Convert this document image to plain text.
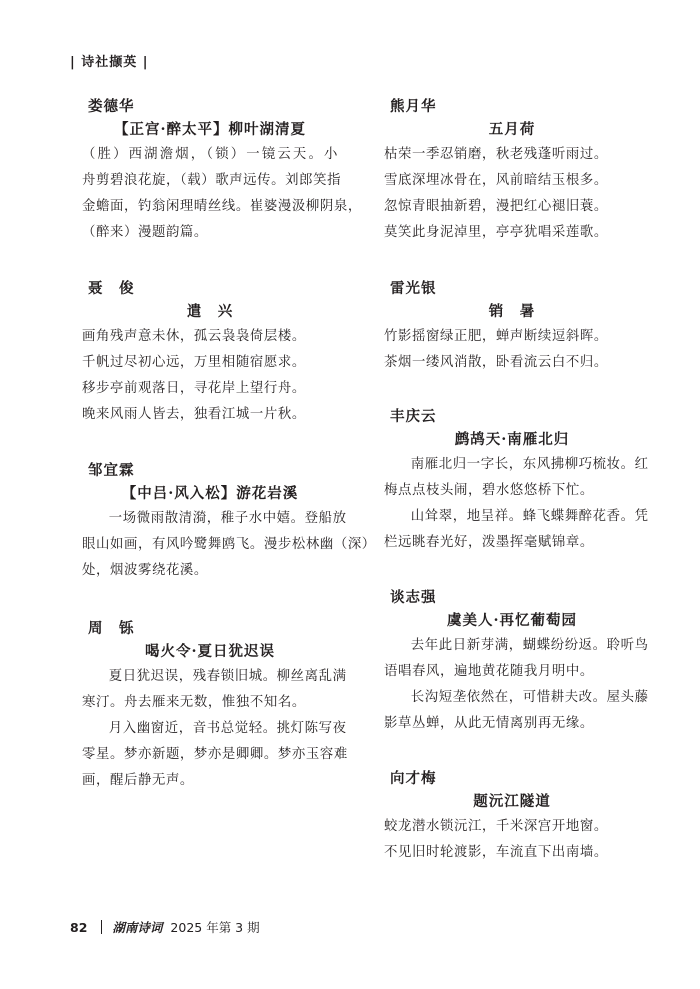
| 诗社撷英 |
娄德华
【正宫·醉太平】柳叶湖清夏
（胜）西湖澹烟，（锁）一镜云天。小
舟剪碧浪花旋，（载）歌声远传。刘郎笑指
金蟾面，钓翁闲理晴丝线。崔婆漫汲柳阴泉，
（醉来）漫题韵篇。
聂　俊
遣　兴
画角残声意未休，孤云袅袅倚层楼。
千帆过尽初心远，万里相随宿愿求。
移步亭前观落日，寻花岸上望行舟。
晚来风雨人皆去，独看江城一片秋。
邹宜霖
【中吕·风入松】游花岩溪
一场微雨散清漪，稚子水中嬉。登船放
眼山如画，有风吟鹭舞鸥飞。漫步松林幽（深）
处，烟波雾绕花溪。
周　铄
喝火令·夏日犹迟误
夏日犹迟误，残春锁旧城。柳丝离乱满
寒汀。舟去雁来无数，惟独不知名。
月入幽窗近，音书总觉轻。挑灯陈写夜
零星。梦亦新题，梦亦是卿卿。梦亦玉容难
画，醒后静无声。
熊月华
五月荷
枯荣一季忍销磨，秋老残蓬听雨过。
雪底深埋冰骨在，风前暗结玉根多。
忽惊青眼抽新碧，漫把红心褪旧蓑。
莫笑此身泥淖里，亭亭犹唱采莲歌。
雷光银
销　暑
竹影摇窗绿正肥，蝉声断续逗斜晖。
茶烟一缕风消散，卧看流云白不归。
丰庆云
鹧鸪天·南雁北归
南雁北归一字长，东风拂柳巧梳妆。红
梅点点枝头闹，碧水悠悠桥下忙。
山耸翠，地呈祥。蜂飞蝶舞醉花香。凭
栏远眺春光好，泼墨挥毫赋锦章。
谈志强
虞美人·再忆葡萄园
去年此日新芽满，蝴蝶纷纷返。聆听鸟
语唱春风，遍地黄花随我月明中。
长沟短垄依然在，可惜耕夫改。屋头藤
影草丛蝉，从此无情离别再无缘。
向才梅
题沅江隧道
蛟龙潜水锁沅江，千米深宫开地窗。
不见旧时轮渡影，车流直下出南墙。
82 湖南诗词 2025 年第 3 期
